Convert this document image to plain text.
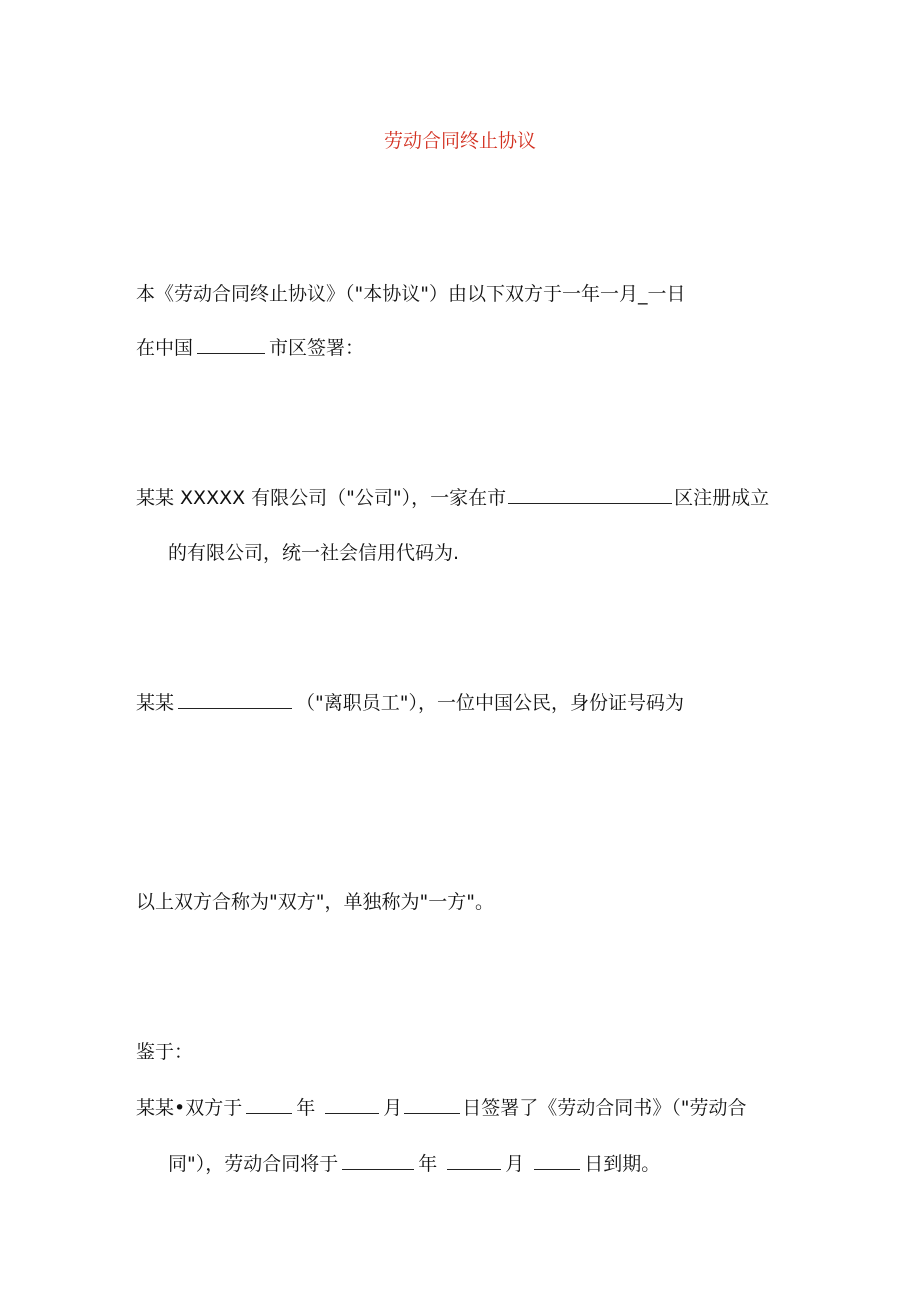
劳动合同终止协议
本《劳动合同终止协议》（"本协议"）由以下双方于一年一月_一日
在中国	市区签署：
某某 XXXXX 有限公司（"公司"），一家在市	区注册成立
的有限公司，统一社会信用代码为.
某某	（"离职员工"），一位中国公民，身份证号码为
以上双方合称为"双方"，单独称为"一方"。
鉴于：
某某•双方于	年	月	日签署了《劳动合同书》（"劳动合
同"），劳动合同将于	年	月	日到期。
